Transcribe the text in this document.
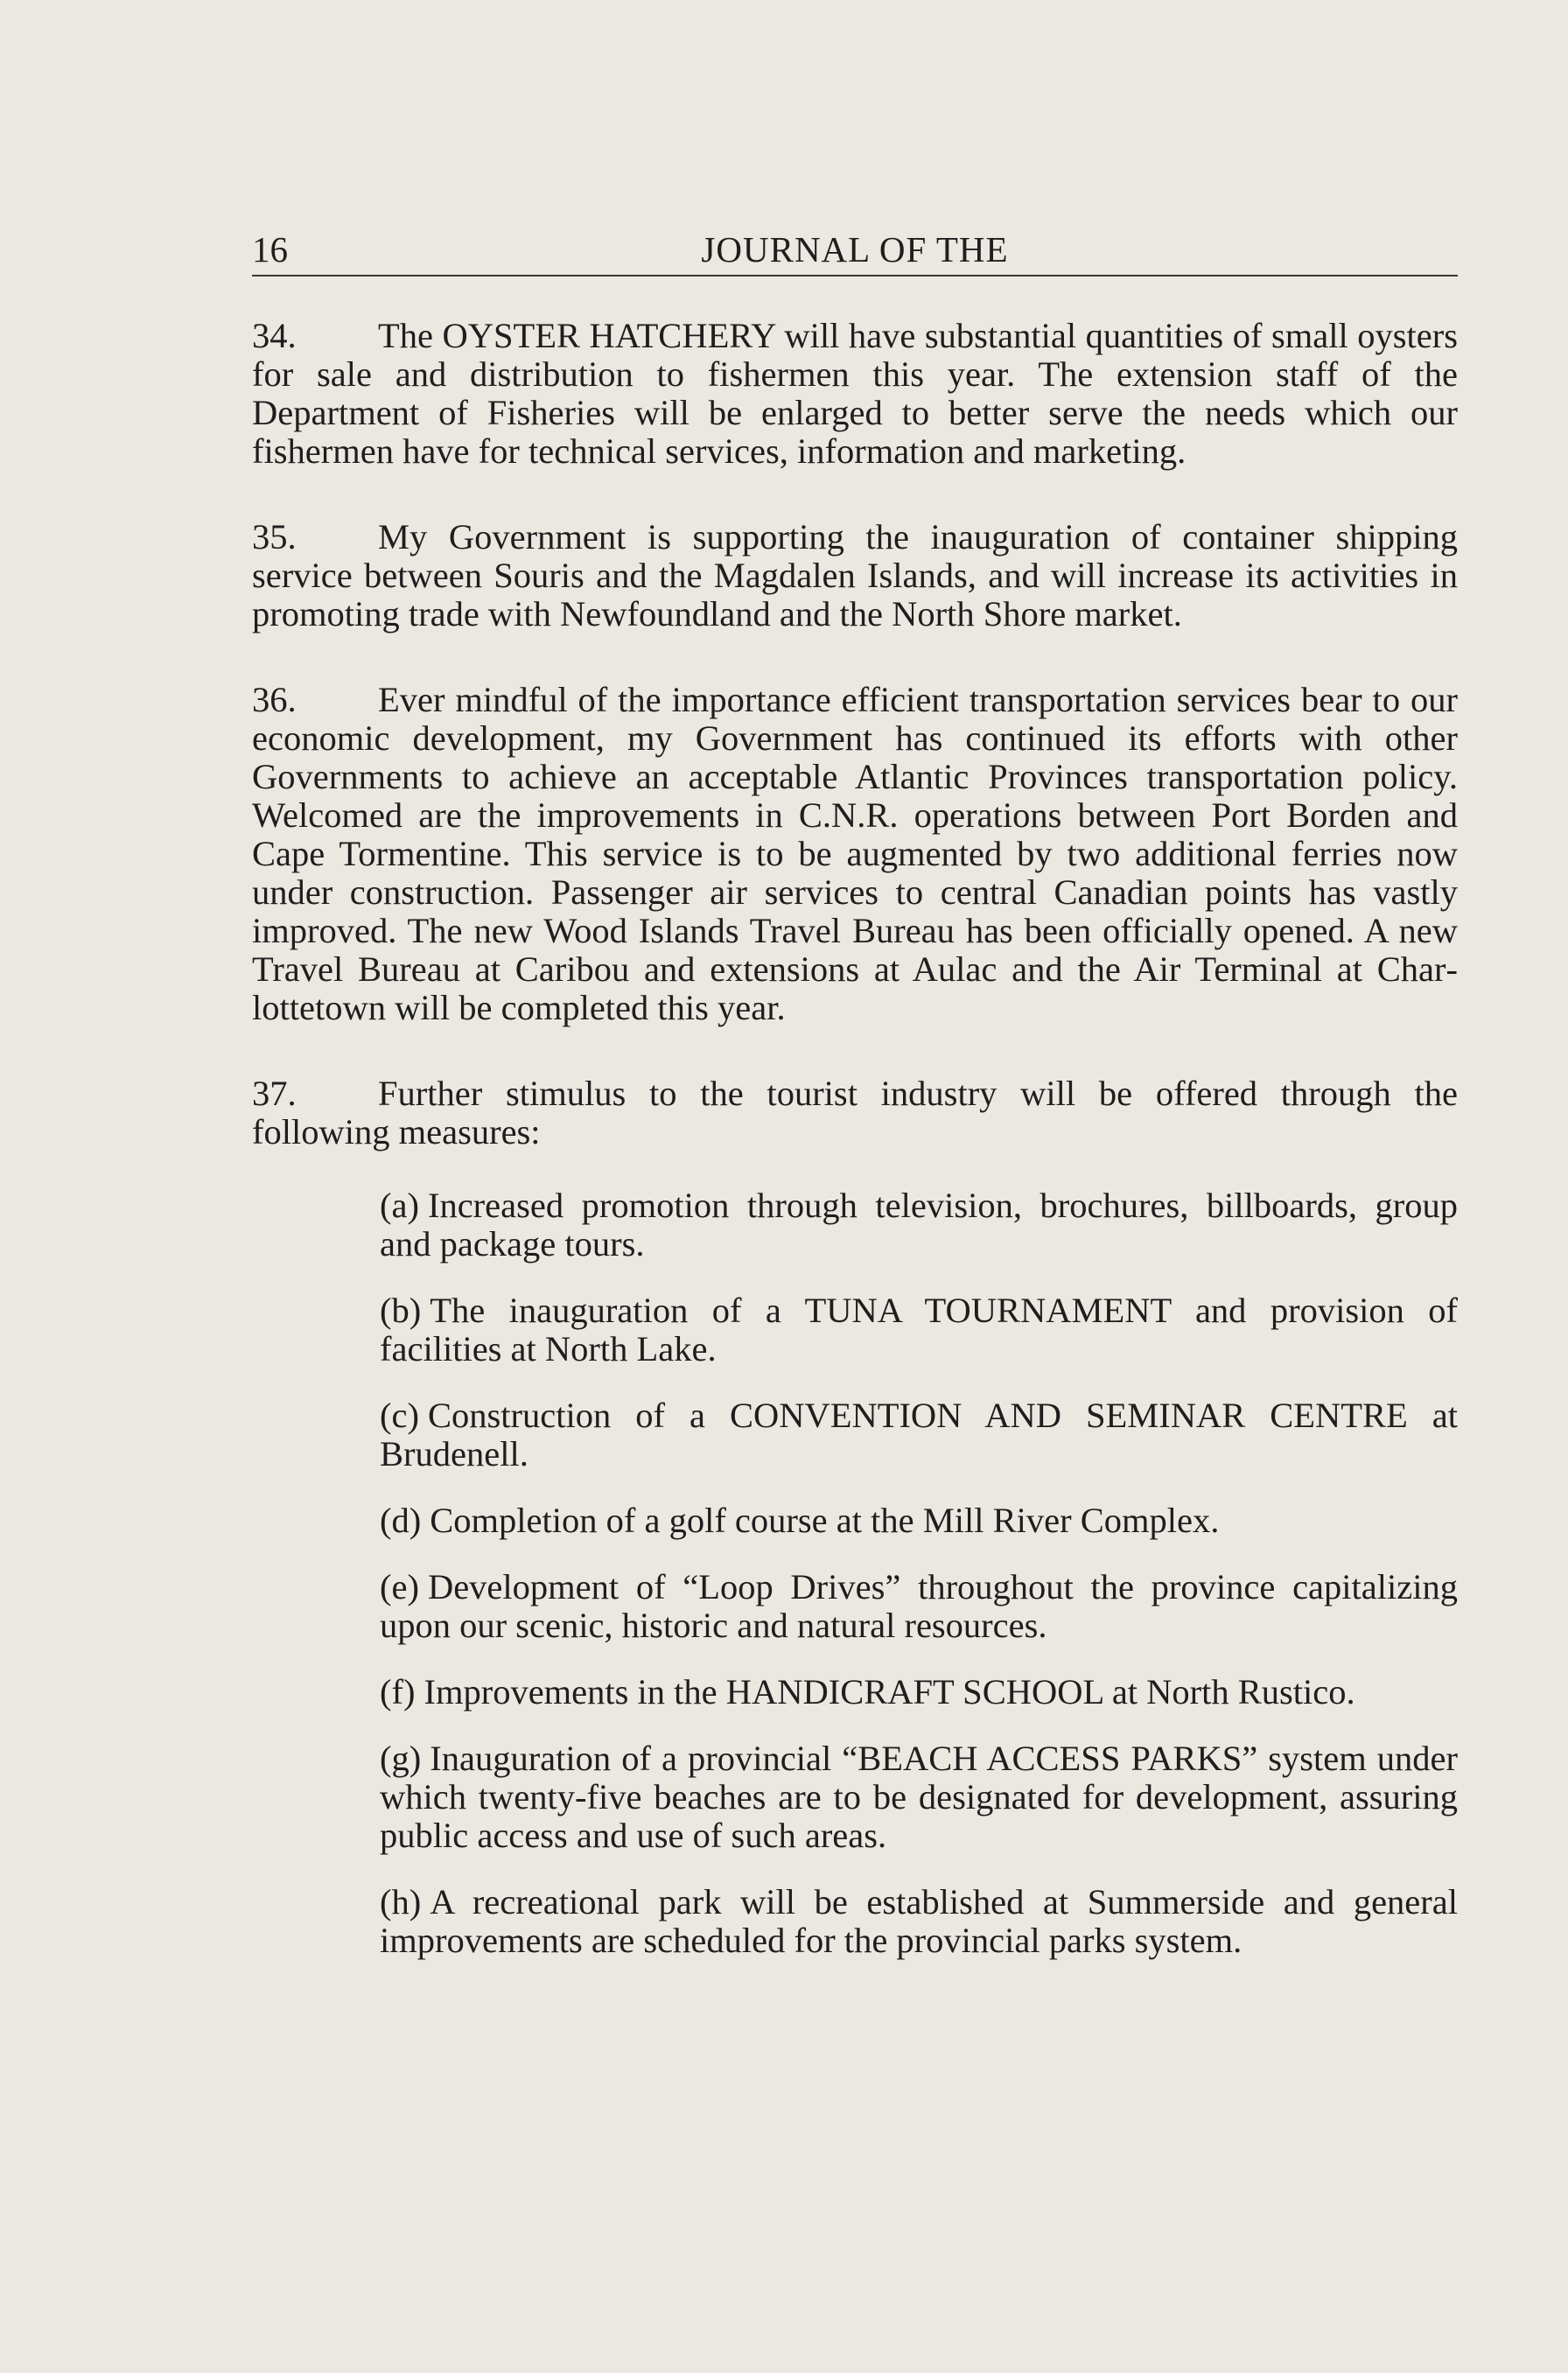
16	JOURNAL OF THE

34. The OYSTER HATCHERY will have substantial quantities of small oysters for sale and distribution to fishermen this year. The extension staff of the Department of Fisheries will be enlarged to better serve the needs which our fishermen have for technical services, information and marketing.

35. My Government is supporting the inauguration of container shipping service between Souris and the Magdalen Islands, and will increase its activities in promoting trade with Newfoundland and the North Shore market.

36. Ever mindful of the importance efficient transportation services bear to our economic development, my Government has continued its efforts with other Governments to achieve an acceptable Atlantic Provinces transportation policy. Welcomed are the improvements in C.N.R. operations between Port Borden and Cape Tormentine. This service is to be augmented by two additional ferries now under construction. Passenger air services to central Canadian points has vastly improved. The new Wood Islands Travel Bureau has been officially opened. A new Travel Bureau at Caribou and extensions at Aulac and the Air Terminal at Charlottetown will be completed this year.

37. Further stimulus to the tourist industry will be offered through the following measures:

(a) Increased promotion through television, brochures, billboards, group and package tours.

(b) The inauguration of a TUNA TOURNAMENT and provision of facilities at North Lake.

(c) Construction of a CONVENTION AND SEMINAR CENTRE at Brudenell.

(d) Completion of a golf course at the Mill River Complex.

(e) Development of “Loop Drives” throughout the province capitalizing upon our scenic, historic and natural resources.

(f) Improvements in the HANDICRAFT SCHOOL at North Rustico.

(g) Inauguration of a provincial “BEACH ACCESS PARKS” system under which twenty-five beaches are to be designated for development, assuring public access and use of such areas.

(h) A recreational park will be established at Summerside and general improvements are scheduled for the provincial parks system.
